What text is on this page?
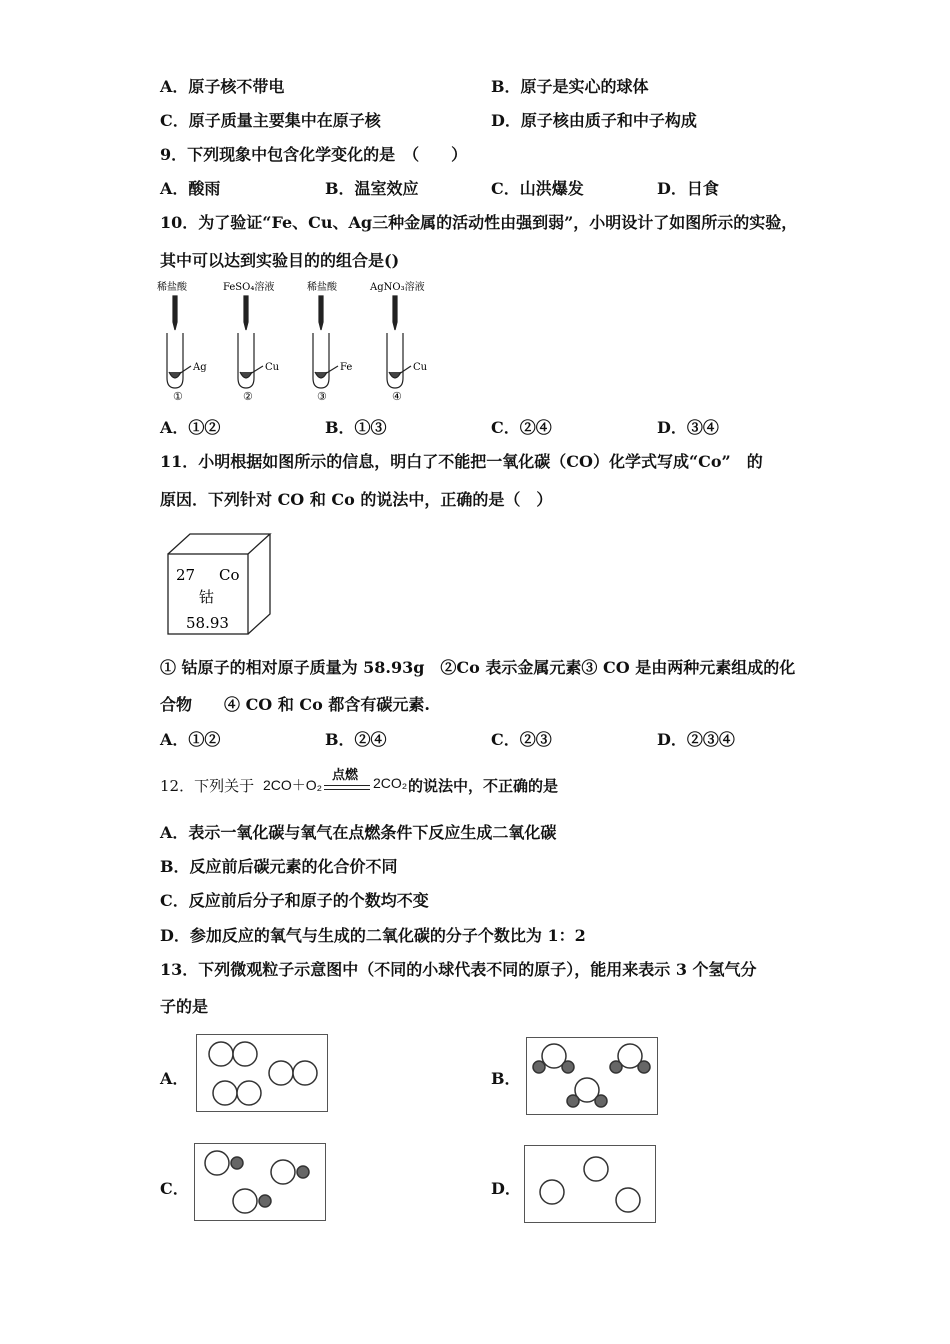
A．原子核不带电	B．原子是实心的球体
C．原子质量主要集中在原子核	D．原子核由质子和中子构成
9．下列现象中包含化学变化的是　（　　）
A．酸雨	B．温室效应	C．山洪爆发	D．日食
10．为了验证“Fe、Cu、Ag三种金属的活动性由强到弱”，小明设计了如图所示的实验，
其中可以达到实验目的的组合是()
稀盐酸
①
Ag
FeSO₄溶液
②
Cu
稀盐酸
③
Fe
AgNO₃溶液
④
Cu
A．①②	B．①③	C．②④	D．③④
11．小明根据如图所示的信息，明白了不能把一氧化碳（CO）化学式写成“Co”　的
原因．下列针对 CO 和 Co 的说法中，正确的是（　）
27 Co
钴
58.93
① 钴原子的相对原子质量为 58.93g　②Co 表示金属元素③ CO 是由两种元素组成的化
合物　　④ CO 和 Co 都含有碳元素.
A．①②	B．②④	C．②③	D．②③④
12．下列关于 2CO＋O₂
点燃 2CO₂ 的说法中，不正确的是
A．表示一氧化碳与氧气在点燃条件下反应生成二氧化碳
B．反应前后碳元素的化合价不同
C．反应前后分子和原子的个数均不变
D．参加反应的氧气与生成的二氧化碳的分子个数比为 1：2
13．下列微观粒子示意图中（不同的小球代表不同的原子），能用来表示 3 个氢气分
子的是
A．	B．
C．	D．
